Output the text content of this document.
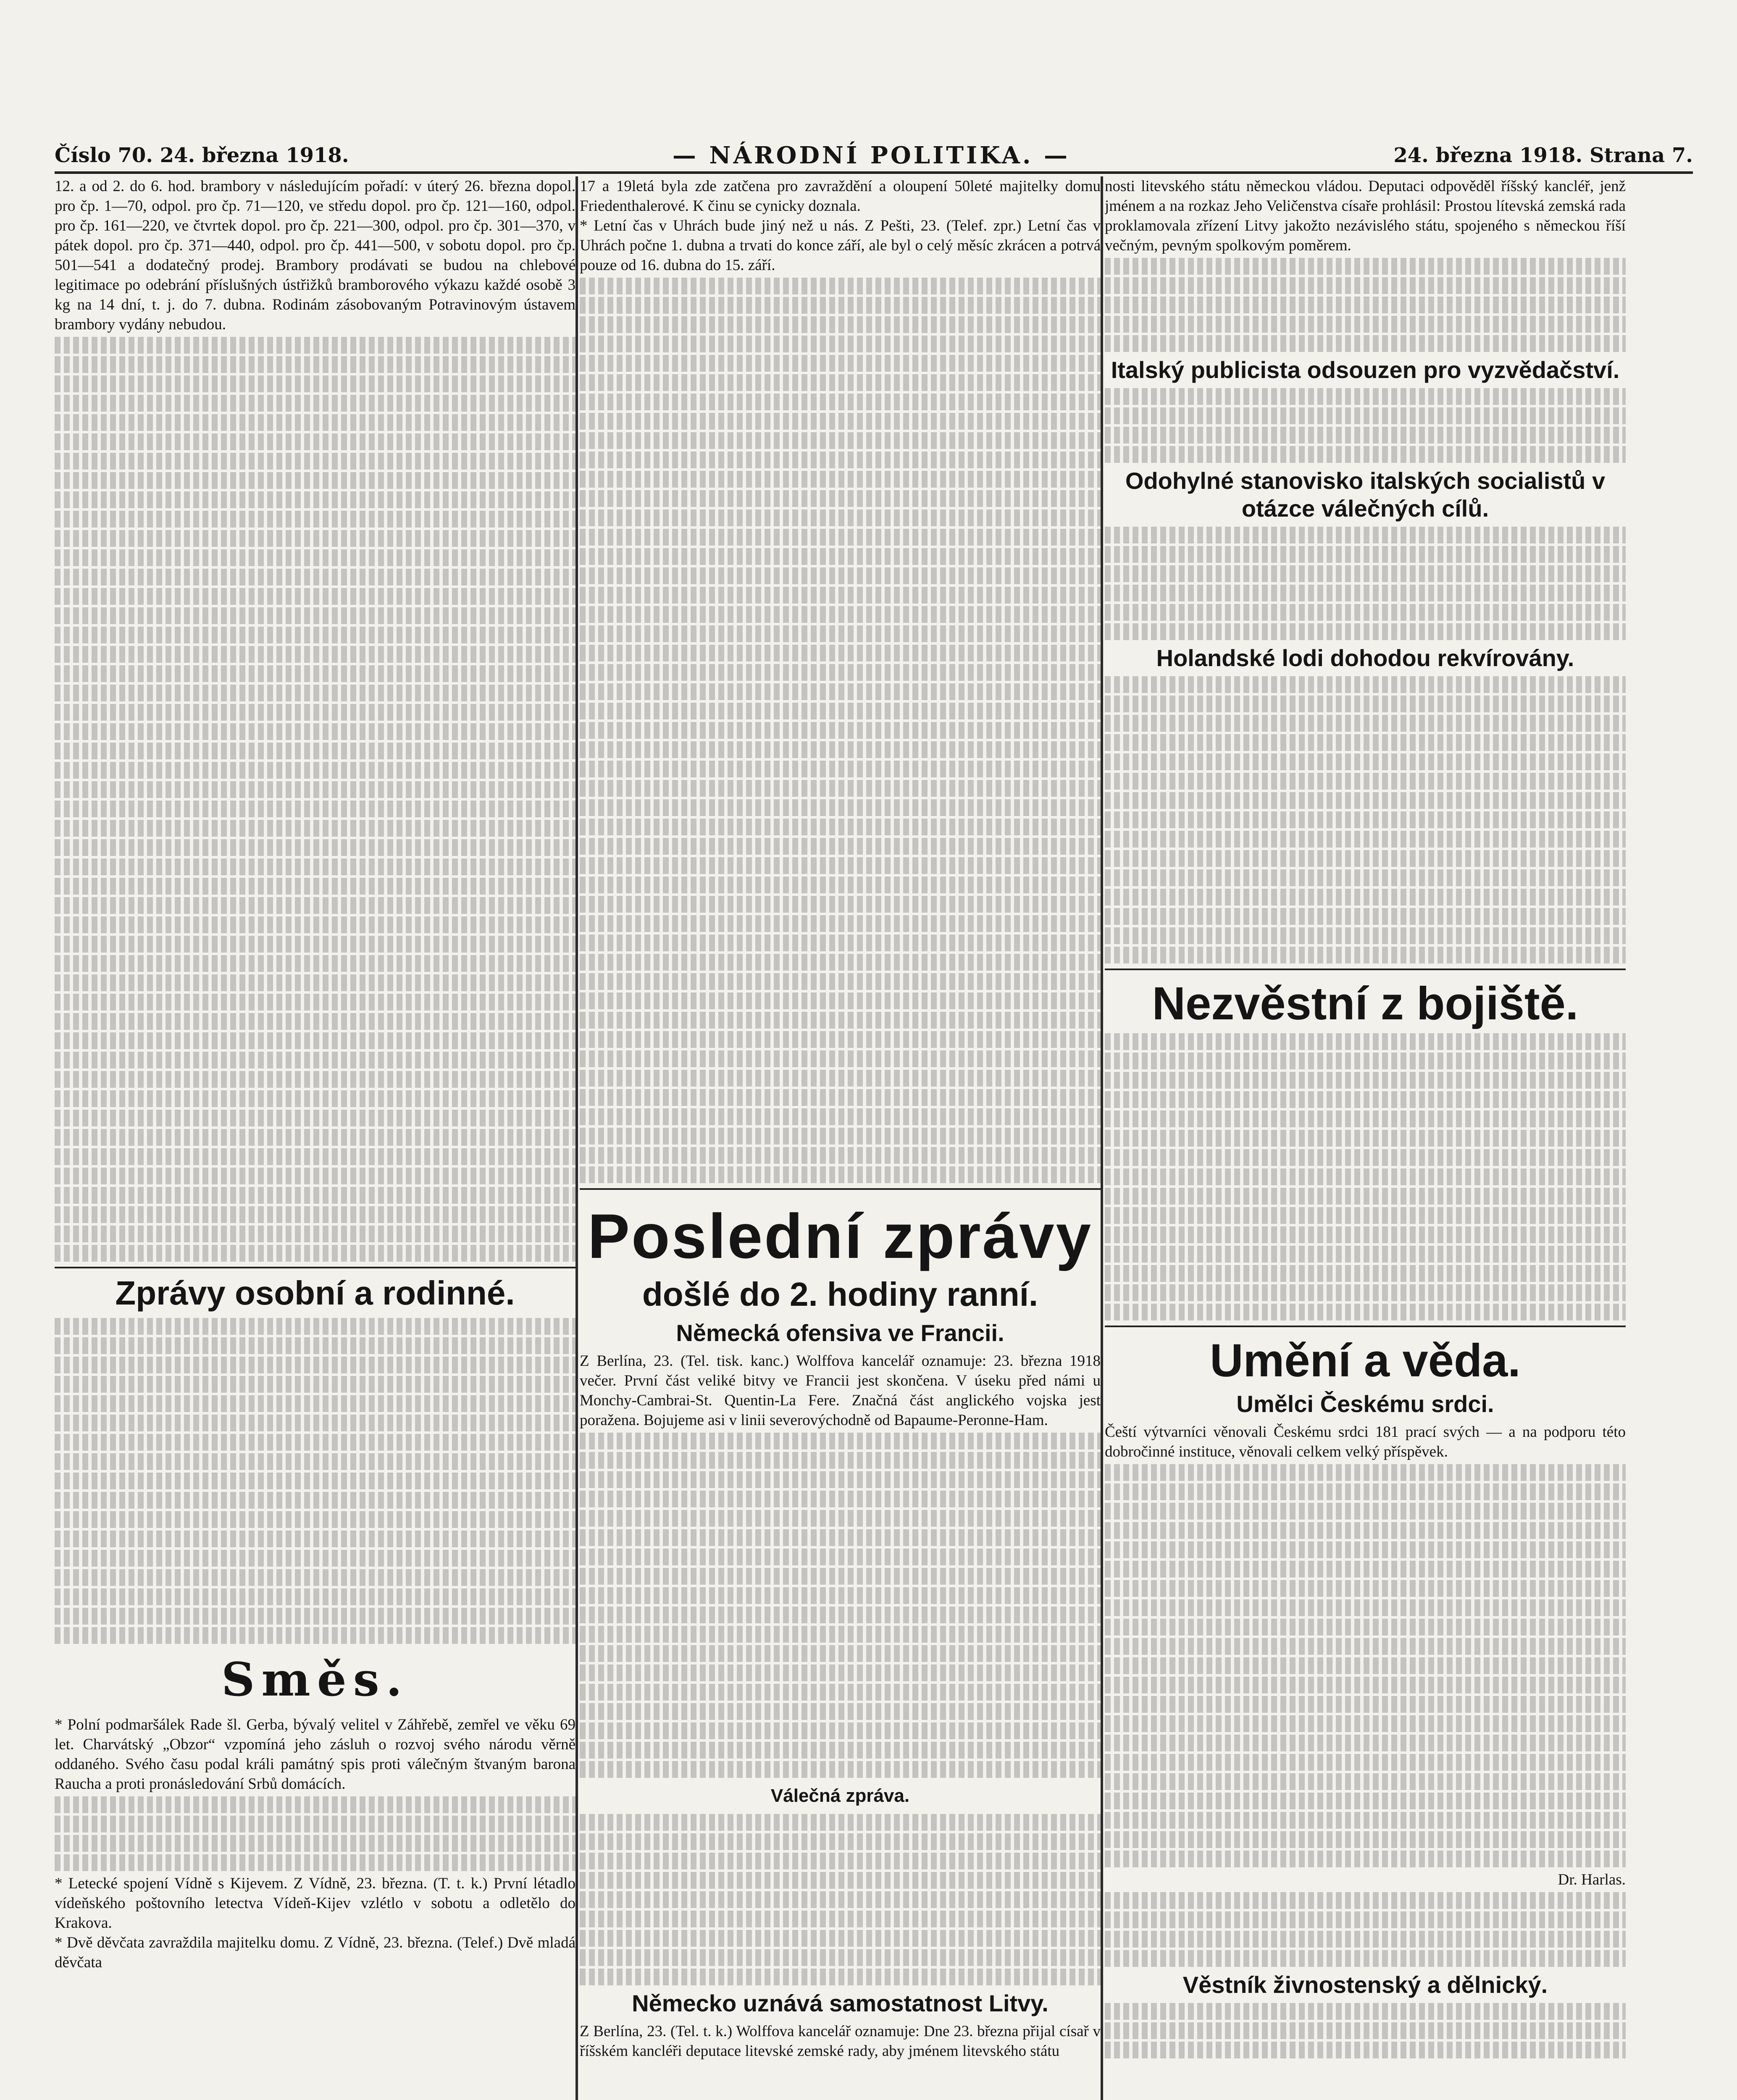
Číslo 70. 24. března 1918.	— NÁRODNÍ POLITIKA. —	24. března 1918. Strana 7.

12. a od 2. do 6. hod. brambory v následujícím pořadí: v úterý 26. března dopol. pro čp. 1—70, odpol. pro čp. 71—120, ve středu dopol. pro čp. 121—160, odpol. pro čp. 161—220, ve čtvrtek dopol. pro čp. 221—300, odpol. pro čp. 301—370, v pátek dopol. pro čp. 371—440, odpol. pro čp. 441—500, v sobotu dopol. pro čp. 501—541 a dodatečný prodej. Brambory prodávati se budou na chlebové legitimace po odebrání příslušných ústřižků bramborového výkazu každé osobě 3 kg na 14 dní, t. j. do 7. dubna. Rodinám zásobovaným Potravinovým ústavem brambory vydány nebudou.

Zprávy osobní a rodinné.
Směs.

* Polní podmaršálek Rade šl. Gerba, bývalý velitel v Záhřebě, zemřel ve věku 69 let. Charvátský „Obzor“ vzpomíná jeho zásluh o rozvoj svého národu věrně oddaného. Svého času podal králi památný spis proti válečným štvaným barona Raucha a proti pronásledování Srbů domácích.

* Letecké spojení Vídně s Kijevem. Z Vídně, 23. března. (T. t. k.) První létadlo vídeňského poštovního letectva Vídeň-Kijev vzlétlo v sobotu a odletělo do Krakova.

* Dvě děvčata zavraždila majitelku domu. Z Vídně, 23. března. (Telef.) Dvě mladá děvčata

17 a 19letá byla zde zatčena pro zavraždění a oloupení 50leté majitelky domu Friedenthalerové. K činu se cynicky doznala.

* Letní čas v Uhrách bude jiný než u nás. Z Pešti, 23. (Telef. zpr.) Letní čas v Uhrách počne 1. dubna a trvati do konce září, ale byl o celý měsíc zkrácen a potrvá pouze od 16. dubna do 15. září.

Poslední zprávy
došlé do 2. hodiny ranní.
Německá ofensiva ve Francii.

Z Berlína, 23. (Tel. tisk. kanc.) Wolffova kancelář oznamuje: 23. března 1918 večer. První část veliké bitvy ve Francii jest skončena. V úseku před námi u Monchy-Cambrai-St. Quentin-La Fere. Značná část anglického vojska jest poražena. Bojujeme asi v linii severovýchodně od Bapaume-Peronne-Ham.

Válečná zpráva.
Německo uznává samostatnost Litvy.

Z Berlína, 23. (Tel. t. k.) Wolffova kancelář oznamuje: Dne 23. března přijal císař v říšském kancléři deputace litevské zemské rady, aby jménem litevského státu

nosti litevského státu německou vládou. Deputaci odpověděl říšský kancléř, jenž jménem a na rozkaz Jeho Veličenstva císaře prohlásil: Prostou lítevská zemská rada proklamovala zřízení Litvy jakožto nezávislého státu, spojeného s německou říší večným, pevným spolkovým poměrem.

Italský publicista odsouzen pro vyzvědačství.
Odohylné stanovisko italských socialistů v otázce válečných cílů.
Holandské lodi dohodou rekvírovány.
Nezvěstní z bojiště.
Umění a věda.
Umělci Českému srdci.

Čeští výtvarníci věnovali Českému srdci 181 prací svých — a na podporu této dobročinné instituce, věnovali celkem velký příspěvek.

Dr. Harlas.

Věstník živnostenský a dělnický.
